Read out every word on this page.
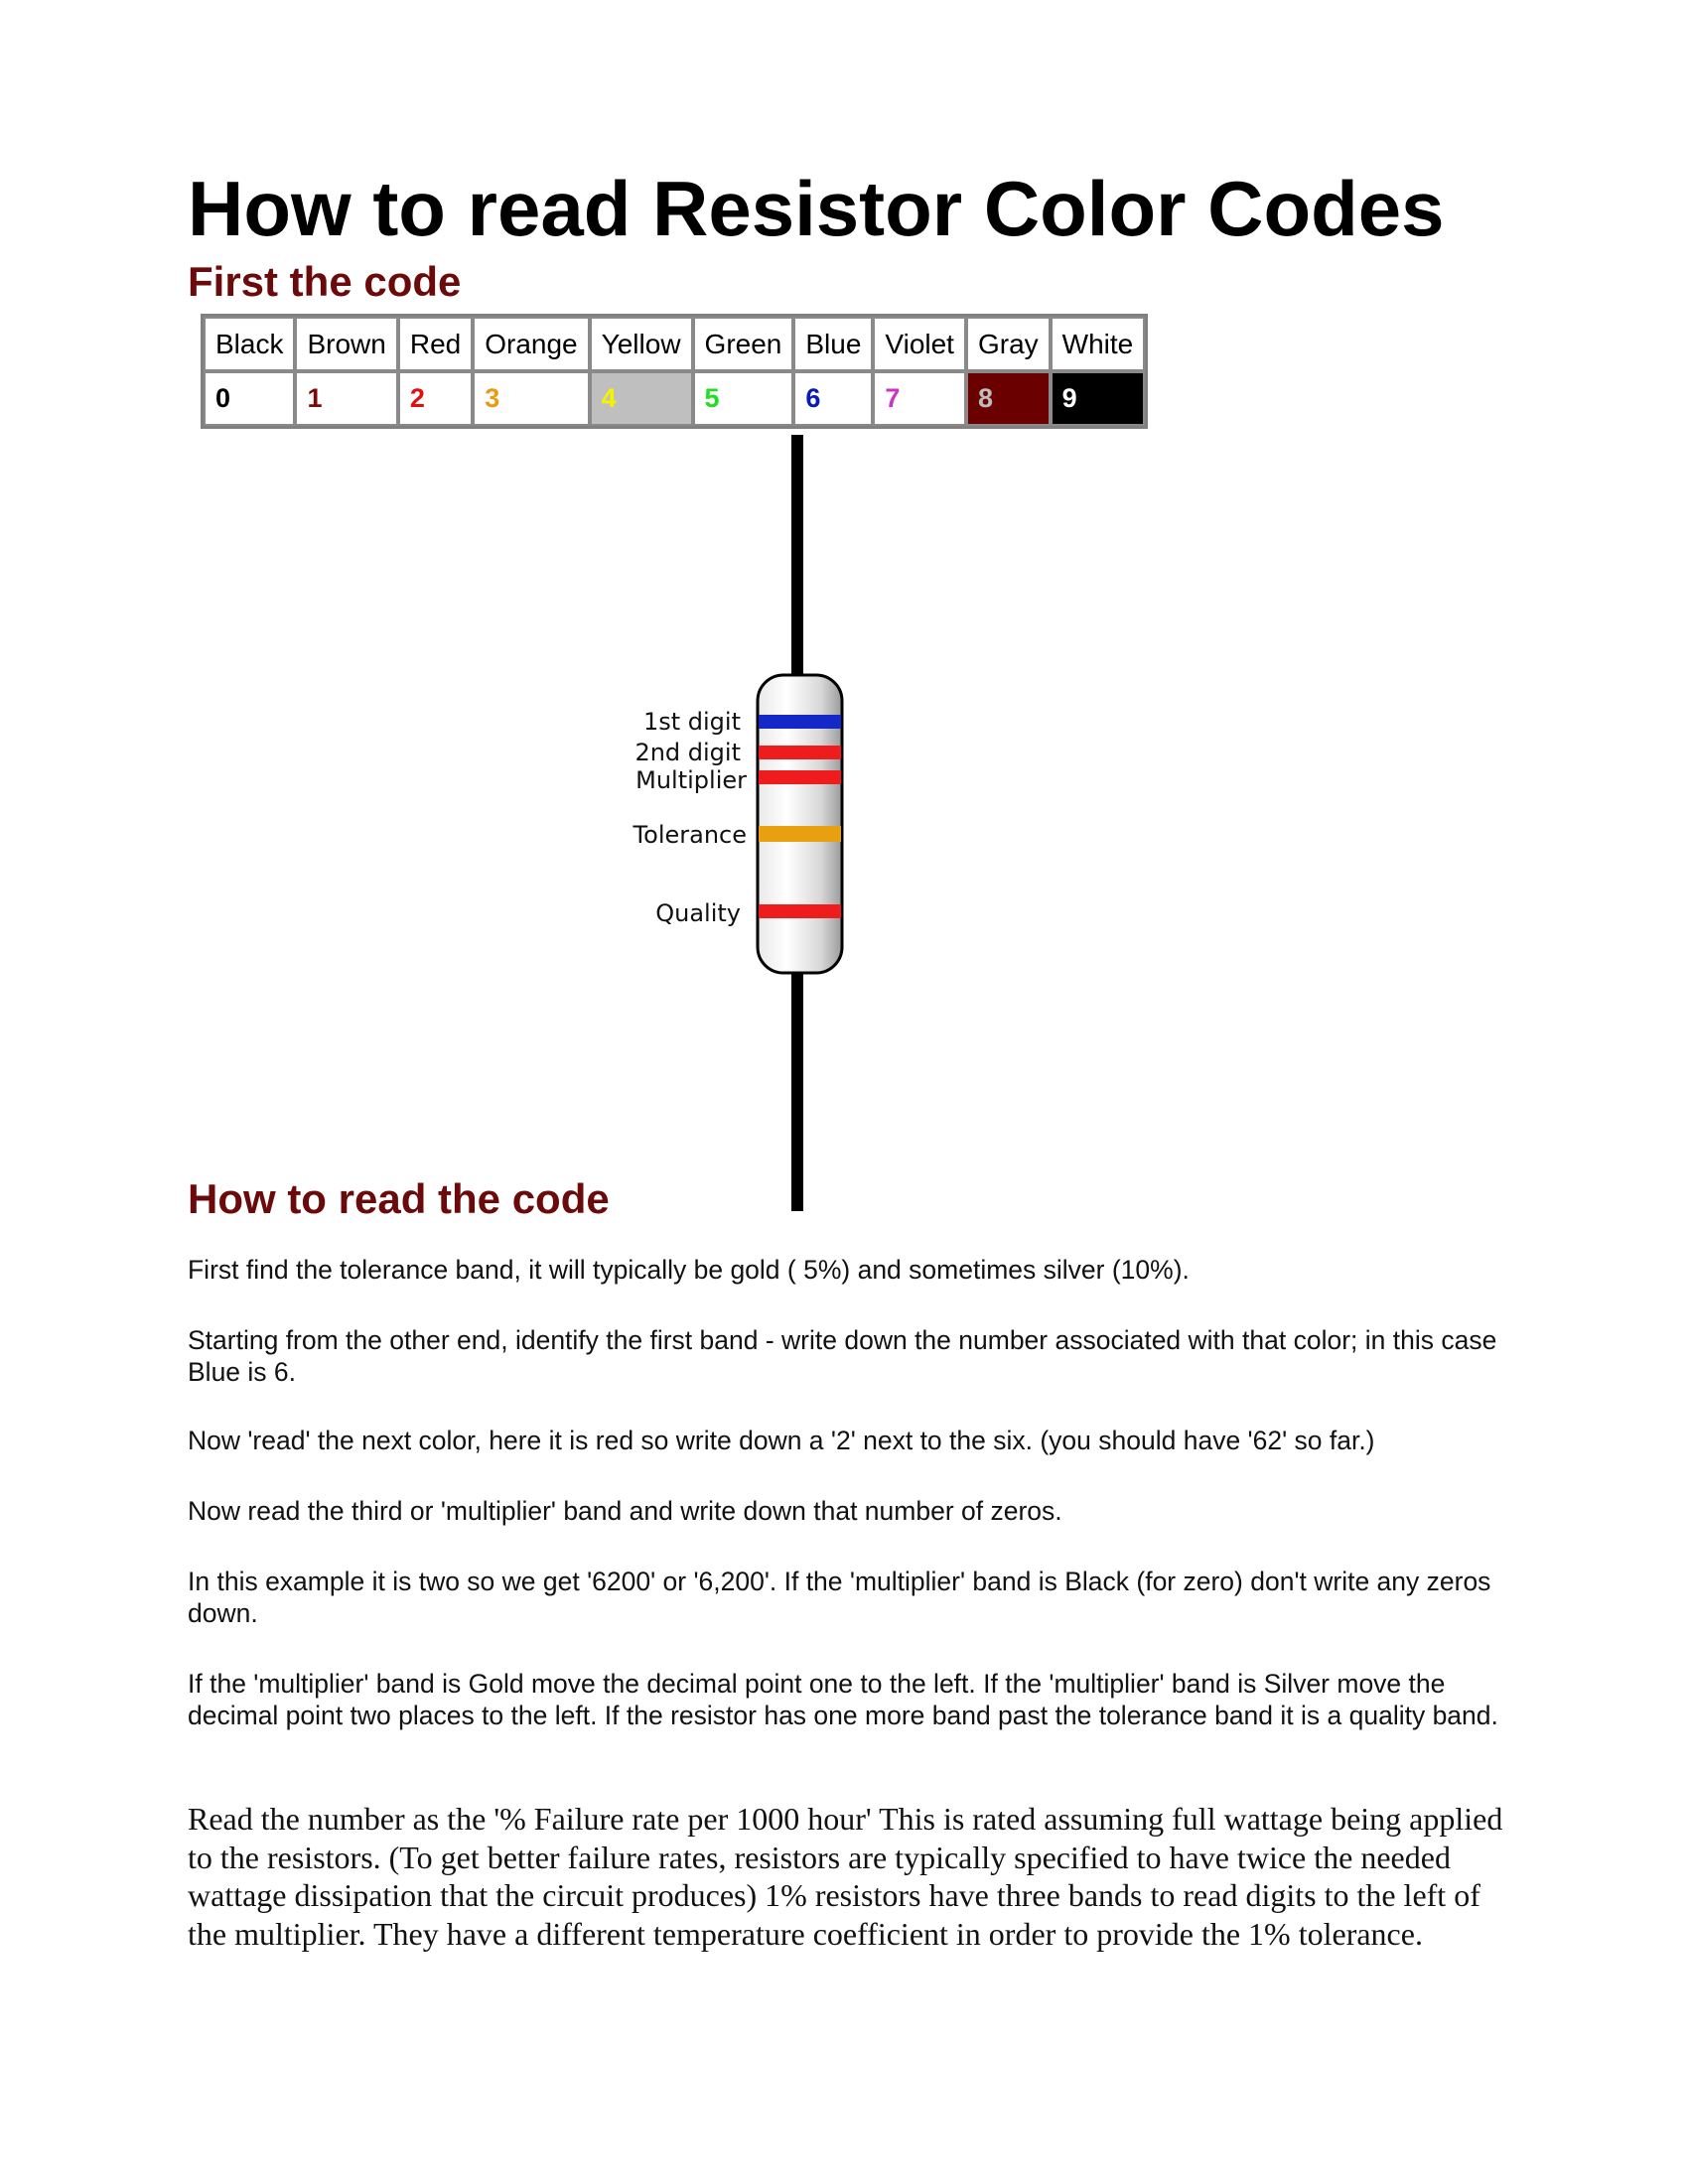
How to read Resistor Color Codes
First the code
Black	Brown	Red	Orange	Yellow	Green	Blue	Violet	Gray	White
0	1	2	3	4	5	6	7	8	9
1st digit
2nd digit
Multiplier
Tolerance
Quality
How to read the code

First find the tolerance band, it will typically be gold ( 5%) and sometimes silver (10%).

Starting from the other end, identify the first band - write down the number associated with that color; in this case Blue is 6.

Now 'read' the next color, here it is red so write down a '2' next to the six. (you should have '62' so far.)

Now read the third or 'multiplier' band and write down that number of zeros.

In this example it is two so we get '6200' or '6,200'. If the 'multiplier' band is Black (for zero) don't write any zeros down.

If the 'multiplier' band is Gold move the decimal point one to the left. If the 'multiplier' band is Silver move the decimal point two places to the left. If the resistor has one more band past the tolerance band it is a quality band.

Read the number as the '% Failure rate per 1000 hour' This is rated assuming full wattage being applied to the resistors. (To get better failure rates, resistors are typically specified to have twice the needed wattage dissipation that the circuit produces) 1% resistors have three bands to read digits to the left of the multiplier. They have a different temperature coefficient in order to provide the 1% tolerance.
